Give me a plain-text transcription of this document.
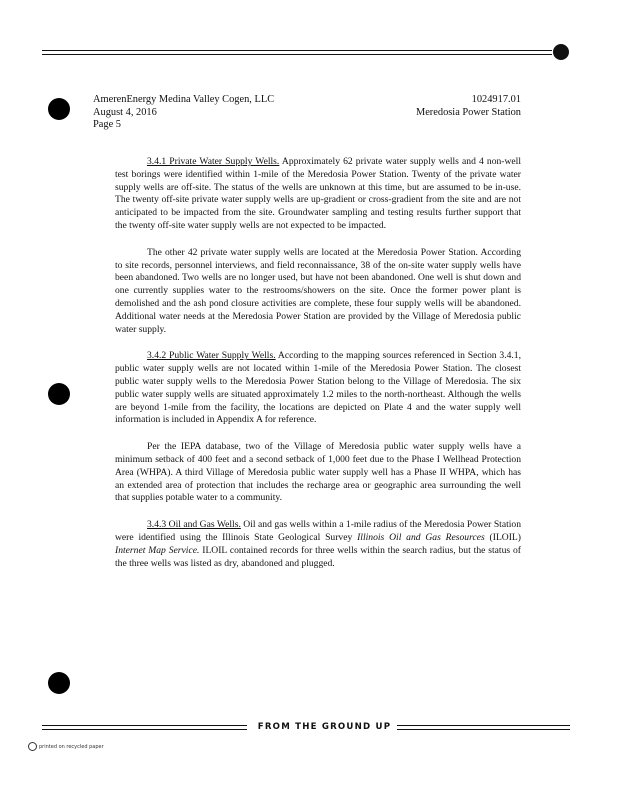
AmerenEnergy Medina Valley Cogen, LLC	1024917.01
August 4, 2016	Meredosia Power Station
Page 5

3.4.1 Private Water Supply Wells. Approximately 62 private water supply wells and 4 non-well test borings were identified within 1-mile of the Meredosia Power Station. Twenty of the private water supply wells are off-site. The status of the wells are unknown at this time, but are assumed to be in-use. The twenty off-site private water supply wells are up-gradient or cross-gradient from the site and are not anticipated to be impacted from the site. Groundwater sampling and testing results further support that the twenty off-site water supply wells are not expected to be impacted.

The other 42 private water supply wells are located at the Meredosia Power Station. According to site records, personnel interviews, and field reconnaissance, 38 of the on-site water supply wells have been abandoned. Two wells are no longer used, but have not been abandoned. One well is shut down and one currently supplies water to the restrooms/showers on the site. Once the former power plant is demolished and the ash pond closure activities are complete, these four supply wells will be abandoned. Additional water needs at the Meredosia Power Station are provided by the Village of Meredosia public water supply.

3.4.2 Public Water Supply Wells. According to the mapping sources referenced in Section 3.4.1, public water supply wells are not located within 1-mile of the Meredosia Power Station. The closest public water supply wells to the Meredosia Power Station belong to the Village of Meredosia. The six public water supply wells are situated approximately 1.2 miles to the north-northeast. Although the wells are beyond 1-mile from the facility, the locations are depicted on Plate 4 and the water supply well information is included in Appendix A for reference.

Per the IEPA database, two of the Village of Meredosia public water supply wells have a minimum setback of 400 feet and a second setback of 1,000 feet due to the Phase I Wellhead Protection Area (WHPA). A third Village of Meredosia public water supply well has a Phase II WHPA, which has an extended area of protection that includes the recharge area or geographic area surrounding the well that supplies potable water to a community.

3.4.3 Oil and Gas Wells. Oil and gas wells within a 1-mile radius of the Meredosia Power Station were identified using the Illinois State Geological Survey Illinois Oil and Gas Resources (ILOIL) Internet Map Service. ILOIL contained records for three wells within the search radius, but the status of the three wells was listed as dry, abandoned and plugged.

FROM THE GROUND UP
printed on recycled paper
